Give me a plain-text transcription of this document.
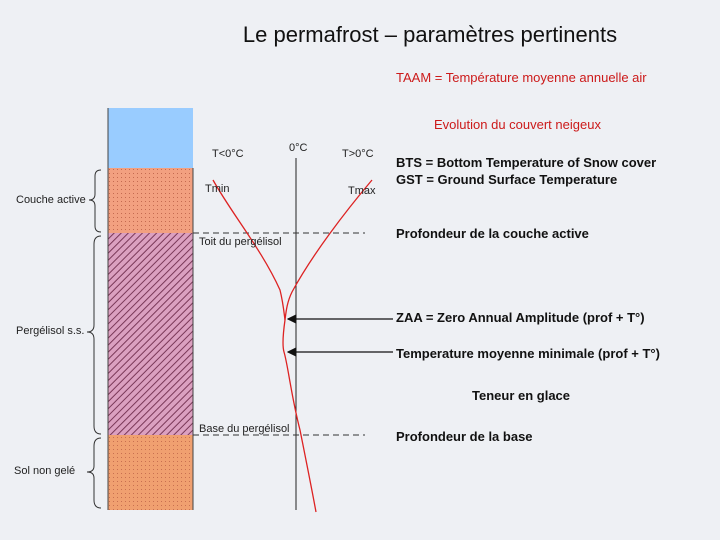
Le permafrost – paramètres pertinents
TAAM = Température moyenne annuelle air
Evolution du couvert neigeux
T<0°C	0°C	T>0°C
Tmin	Tmax
Couche active
Pergélisol s.s.
Sol non gelé
Toit du pergélisol
Base du pergélisol
BTS = Bottom Temperature of Snow cover
GST = Ground Surface Temperature
Profondeur de la couche active
ZAA = Zero Annual Amplitude (prof + T°)
Temperature moyenne minimale (prof + T°)
Teneur en glace
Profondeur de la base
